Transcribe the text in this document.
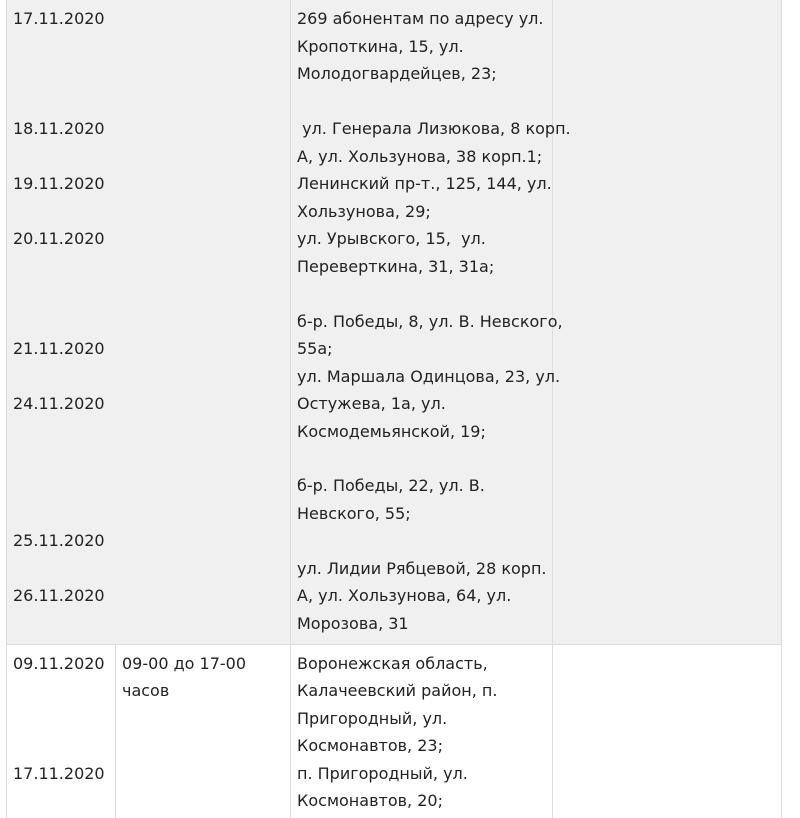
17.11.2020
18.11.2020
19.11.2020
20.11.2020
21.11.2020
24.11.2020
25.11.2020
26.11.2020
269 абонентам по адресу ул.
Кропоткина, 15, ул.
Молодогвардейцев, 23;
ул. Генерала Лизюкова, 8 корп.
А, ул. Хользунова, 38 корп.1;
Ленинский пр-т., 125, 144, ул.
Хользунова, 29;
ул. Урывского, 15,  ул.
Переверткина, 31, 31а;
б-р. Победы, 8, ул. В. Невского,
55а;
ул. Маршала Одинцова, 23, ул.
Остужева, 1а, ул.
Космодемьянской, 19;
б-р. Победы, 22, ул. В.
Невского, 55;
ул. Лидии Рябцевой, 28 корп.
А, ул. Хользунова, 64, ул.
Морозова, 31
09.11.2020
17.11.2020
09-00 до 17-00
часов
Воронежская область,
Калачеевский район, п.
Пригородный, ул.
Космонавтов, 23;
п. Пригородный, ул.
Космонавтов, 20;
